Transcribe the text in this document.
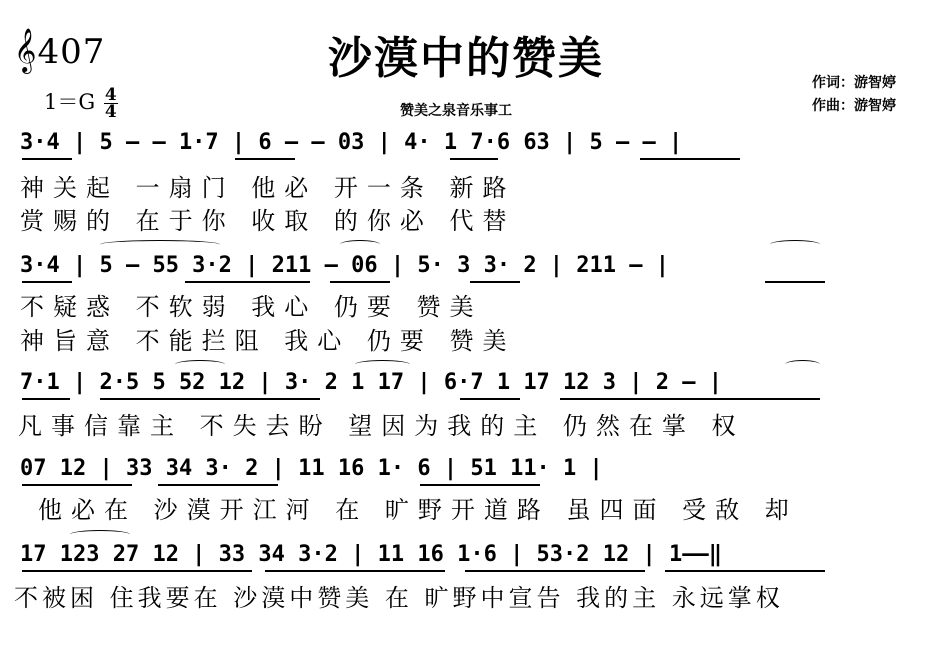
𝄞407	沙漠中的赞美
$1=G \frac{4}{4}$	赞美之泉音乐事工
作词：游智婷
作曲：游智婷
3·4 | 5 – – 1·7 | 6 – – 03 | 4· 1 7·6 63 | 5 – – |
神关起 一扇门 他必 开一条 新路
赏赐的 在于你 收取 的你必 代替
3·4 | 5 – 55 3·2 | 211 – 06 | 5· 3 3· 2 | 211 – |
不疑惑 不软弱 我心 仍要 赞美
神旨意 不能拦阻 我心 仍要 赞美
7·1 | 2·5 5 52 12 | 3· 2 1 17 | 6·7 1 17 12 3 | 2 – |
凡事信靠主 不失去盼 望因为我的主 仍然在掌 权
07 12 | 33 34 3· 2 | 11 16 1· 6 | 51 11· 1 |
他必在 沙漠开江河 在 旷野开道路 虽四面 受敌 却
17 123 27 12 | 33 34 3·2 | 11 16 1·6 | 53·2 12 | 1––‖
不被困 住我要在 沙漠中赞美 在 旷野中宣告 我的主 永远掌权
